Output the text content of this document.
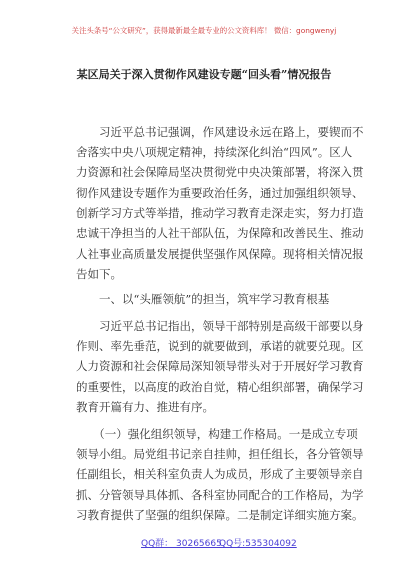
关注头条号“公文研究”，获得最新最全最专业的公文资料库！ 微信：gongwenyj
某区局关于深入贯彻作风建设专题“回头看”情况报告
　　习近平总书记强调，作风建设永远在路上，要锲而不
舍落实中央八项规定精神，持续深化纠治“四风”。区人
力资源和社会保障局坚决贯彻党中央决策部署，将深入贯
彻作风建设专题作为重要政治任务，通过加强组织领导、
创新学习方式等举措，推动学习教育走深走实，努力打造
忠诚干净担当的人社干部队伍，为保障和改善民生、推动
人社事业高质量发展提供坚强作风保障。现将相关情况报
告如下。
　　一、以“头雁领航”的担当，筑牢学习教育根基
　　习近平总书记指出，领导干部特别是高级干部要以身
作则、率先垂范，说到的就要做到，承诺的就要兑现。区
人力资源和社会保障局深知领导带头对于开展好学习教育
的重要性，以高度的政治自觉，精心组织部署，确保学习
教育开篇有力、推进有序。
　　（一）强化组织领导，构建工作格局。一是成立专项
领导小组。局党组书记亲自挂帅，担任组长，各分管领导
任副组长，相关科室负责人为成员，形成了主要领导亲自
抓、分管领导具体抓、各科室协同配合的工作格局，为学
习教育提供了坚强的组织保障。二是制定详细实施方案。
QQ群： 30265665
QQ号:535304092
